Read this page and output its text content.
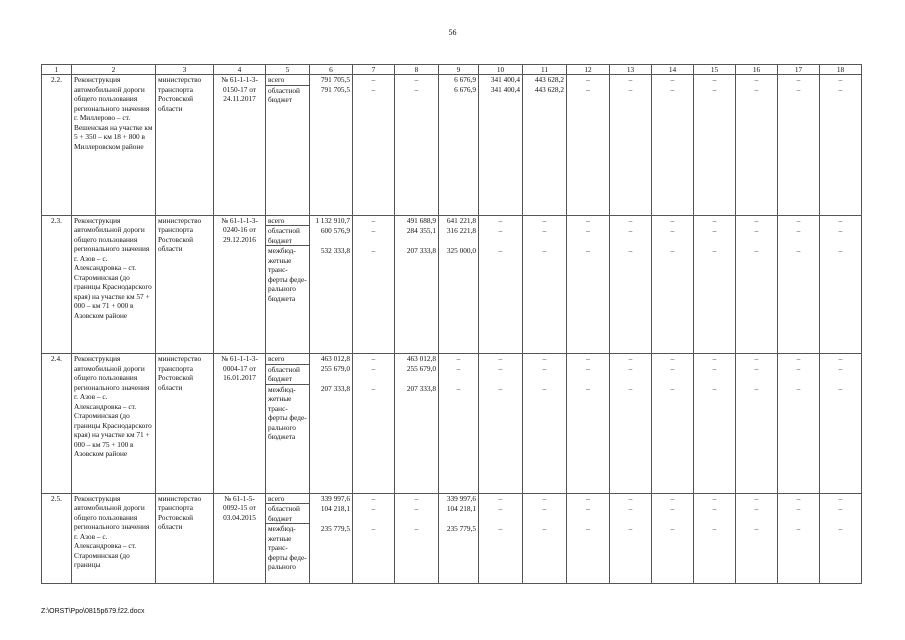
56
1	2	3	4	5	6	7	8	9	10	11	12	13	14	15	16	17	18
2.2.	Реконструкция автомобильной дороги общего пользования регионального значения г. Миллерово – ст. Вешенская на участке км 5 + 350 – км 18 + 800 в Миллеровском районе	министерство транспорта Ростовской области	№ 61-1-1-3-0150-17 от 24.11.2017	всего	791 705,5	–	–	6 676,9	341 400,4	443 628,2	–	–	–	–	–	–	–
				областной бюджет	791 705,5	–	–	6 676,9	341 400,4	443 628,2	–	–	–	–	–	–	–
2.3.	Реконструкция автомобильной дороги общего пользования регионального значения г. Азов – с. Александровка – ст. Староминская (до границы Краснодарского края) на участке км 57 + 000 – км 71 + 000 в Азовском районе	министерство транспорта Ростовской области	№ 61-1-1-3-0240-16 от 29.12.2016	всего	1 132 910,7	–	491 688,9	641 221,8	–	–	–	–	–	–	–	–	–
				областной бюджет	600 576,9	–	284 355,1	316 221,8	–	–	–	–	–	–	–	–	–
				межбюд-жетные транс-ферты феде-рального бюджета	532 333,8	–	207 333,8	325 000,0	–	–	–	–	–	–	–	–	–
2.4.	Реконструкция автомобильной дороги общего пользования регионального значения г. Азов – с. Александровка – ст. Староминская (до границы Краснодарского края) на участке км 71 + 000 – км 75 + 100 в Азовском районе	министерство транспорта Ростовской области	№ 61-1-1-3-0004-17 от 16.01.2017	всего	463 012,8	–	463 012,8	–	–	–	–	–	–	–	–	–	–
				областной бюджет	255 679,0	–	255 679,0	–	–	–	–	–	–	–	–	–	–
				межбюд-жетные транс-ферты феде-рального бюджета	207 333,8	–	207 333,8	–	–	–	–	–	–	–	–	–	–
2.5.	Реконструкция автомобильной дороги общего пользования регионального значения г. Азов – с. Александровка – ст. Староминская (до границы	министерство транспорта Ростовской области	№ 61-1-5-0092-15 от 03.04.2015	всего	339 997,6	–	–	339 997,6	–	–	–	–	–	–	–	–	–
				областной бюджет	104 218,1	–	–	104 218,1	–	–	–	–	–	–	–	–	–
				межбюд-жетные транс-ферты феде-рального	235 779,5	–	–	235 779,5	–	–	–	–	–	–	–	–	–
Z:\ORST\Ppo\0815p679.f22.docx
